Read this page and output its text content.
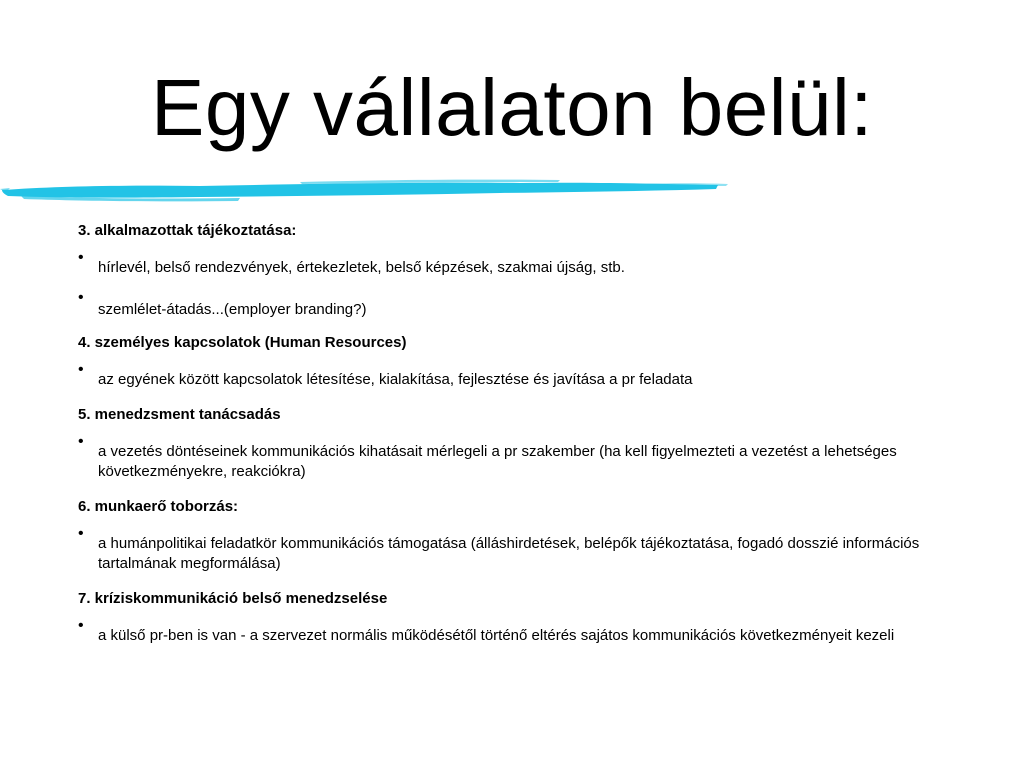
Egy vállalaton belül:

3. alkalmazottak tájékoztatása:

•
hírlevél, belső rendezvények, értekezletek, belső képzések, szakmai újság, stb.
•
szemlélet-átadás...(employer branding?)

4. személyes kapcsolatok (Human Resources)

•
az egyének között kapcsolatok létesítése, kialakítása, fejlesztése és javítása a pr feladata

5. menedzsment tanácsadás

•
a vezetés döntéseinek kommunikációs kihatásait mérlegeli a pr szakember (ha kell figyelmezteti a vezetést a lehetséges következményekre, reakciókra)

6. munkaerő toborzás:

•
a humánpolitikai feladatkör kommunikációs támogatása (álláshirdetések, belépők tájékoztatása, fogadó dosszié információs tartalmának megformálása)

7. kríziskommunikáció belső menedzselése

•
a külső pr-ben is van - a szervezet normális működésétől történő eltérés sajátos kommunikációs következményeit kezeli
